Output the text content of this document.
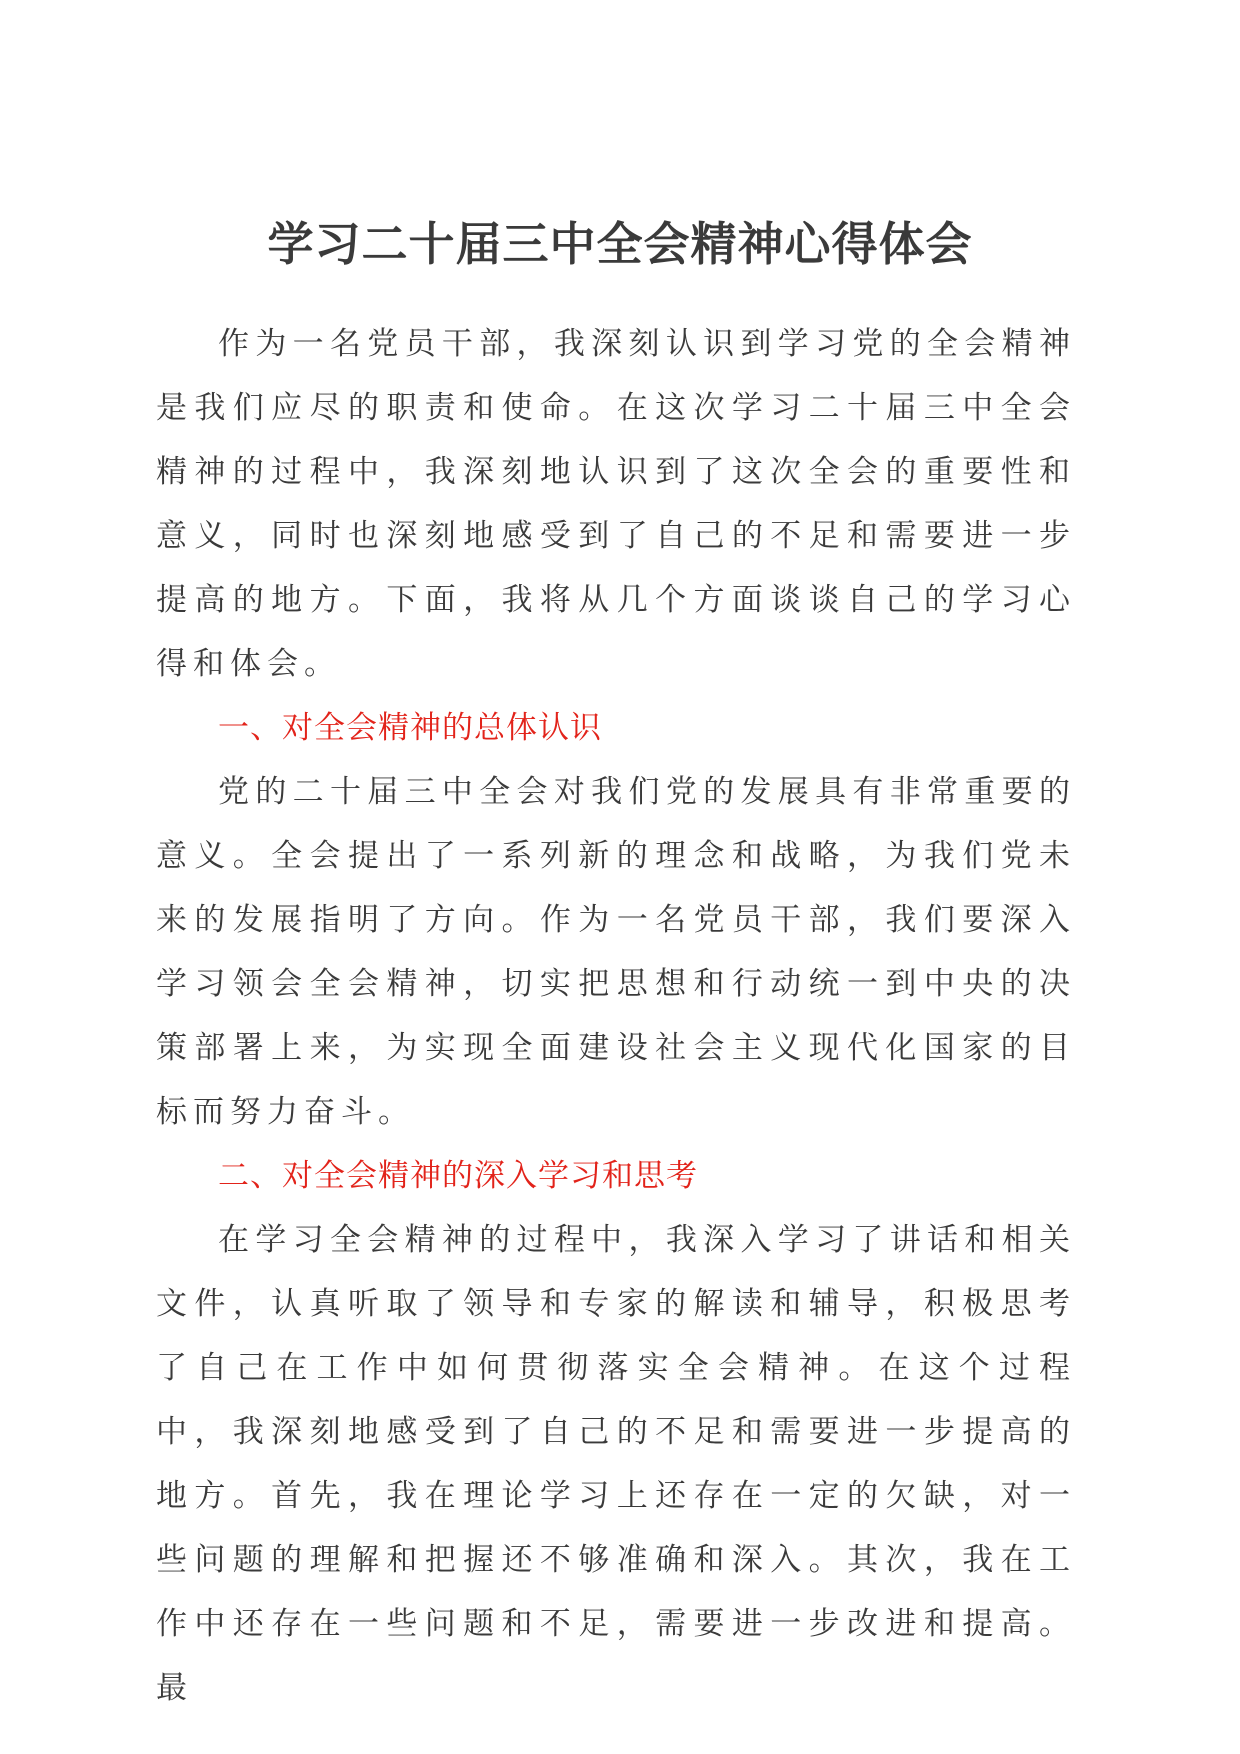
学习二十届三中全会精神心得体会

作为一名党员干部，我深刻认识到学习党的全会精神是我们应尽的职责和使命。在这次学习二十届三中全会精神的过程中，我深刻地认识到了这次全会的重要性和意义，同时也深刻地感受到了自己的不足和需要进一步提高的地方。下面，我将从几个方面谈谈自己的学习心得和体会。

一、对全会精神的总体认识

党的二十届三中全会对我们党的发展具有非常重要的意义。全会提出了一系列新的理念和战略，为我们党未来的发展指明了方向。作为一名党员干部，我们要深入学习领会全会精神，切实把思想和行动统一到中央的决策部署上来，为实现全面建设社会主义现代化国家的目标而努力奋斗。

二、对全会精神的深入学习和思考

在学习全会精神的过程中，我深入学习了讲话和相关文件，认真听取了领导和专家的解读和辅导，积极思考了自己在工作中如何贯彻落实全会精神。在这个过程中，我深刻地感受到了自己的不足和需要进一步提高的地方。首先，我在理论学习上还存在一定的欠缺，对一些问题的理解和把握还不够准确和深入。其次，我在工作中还存在一些问题和不足，需要进一步改进和提高。最
